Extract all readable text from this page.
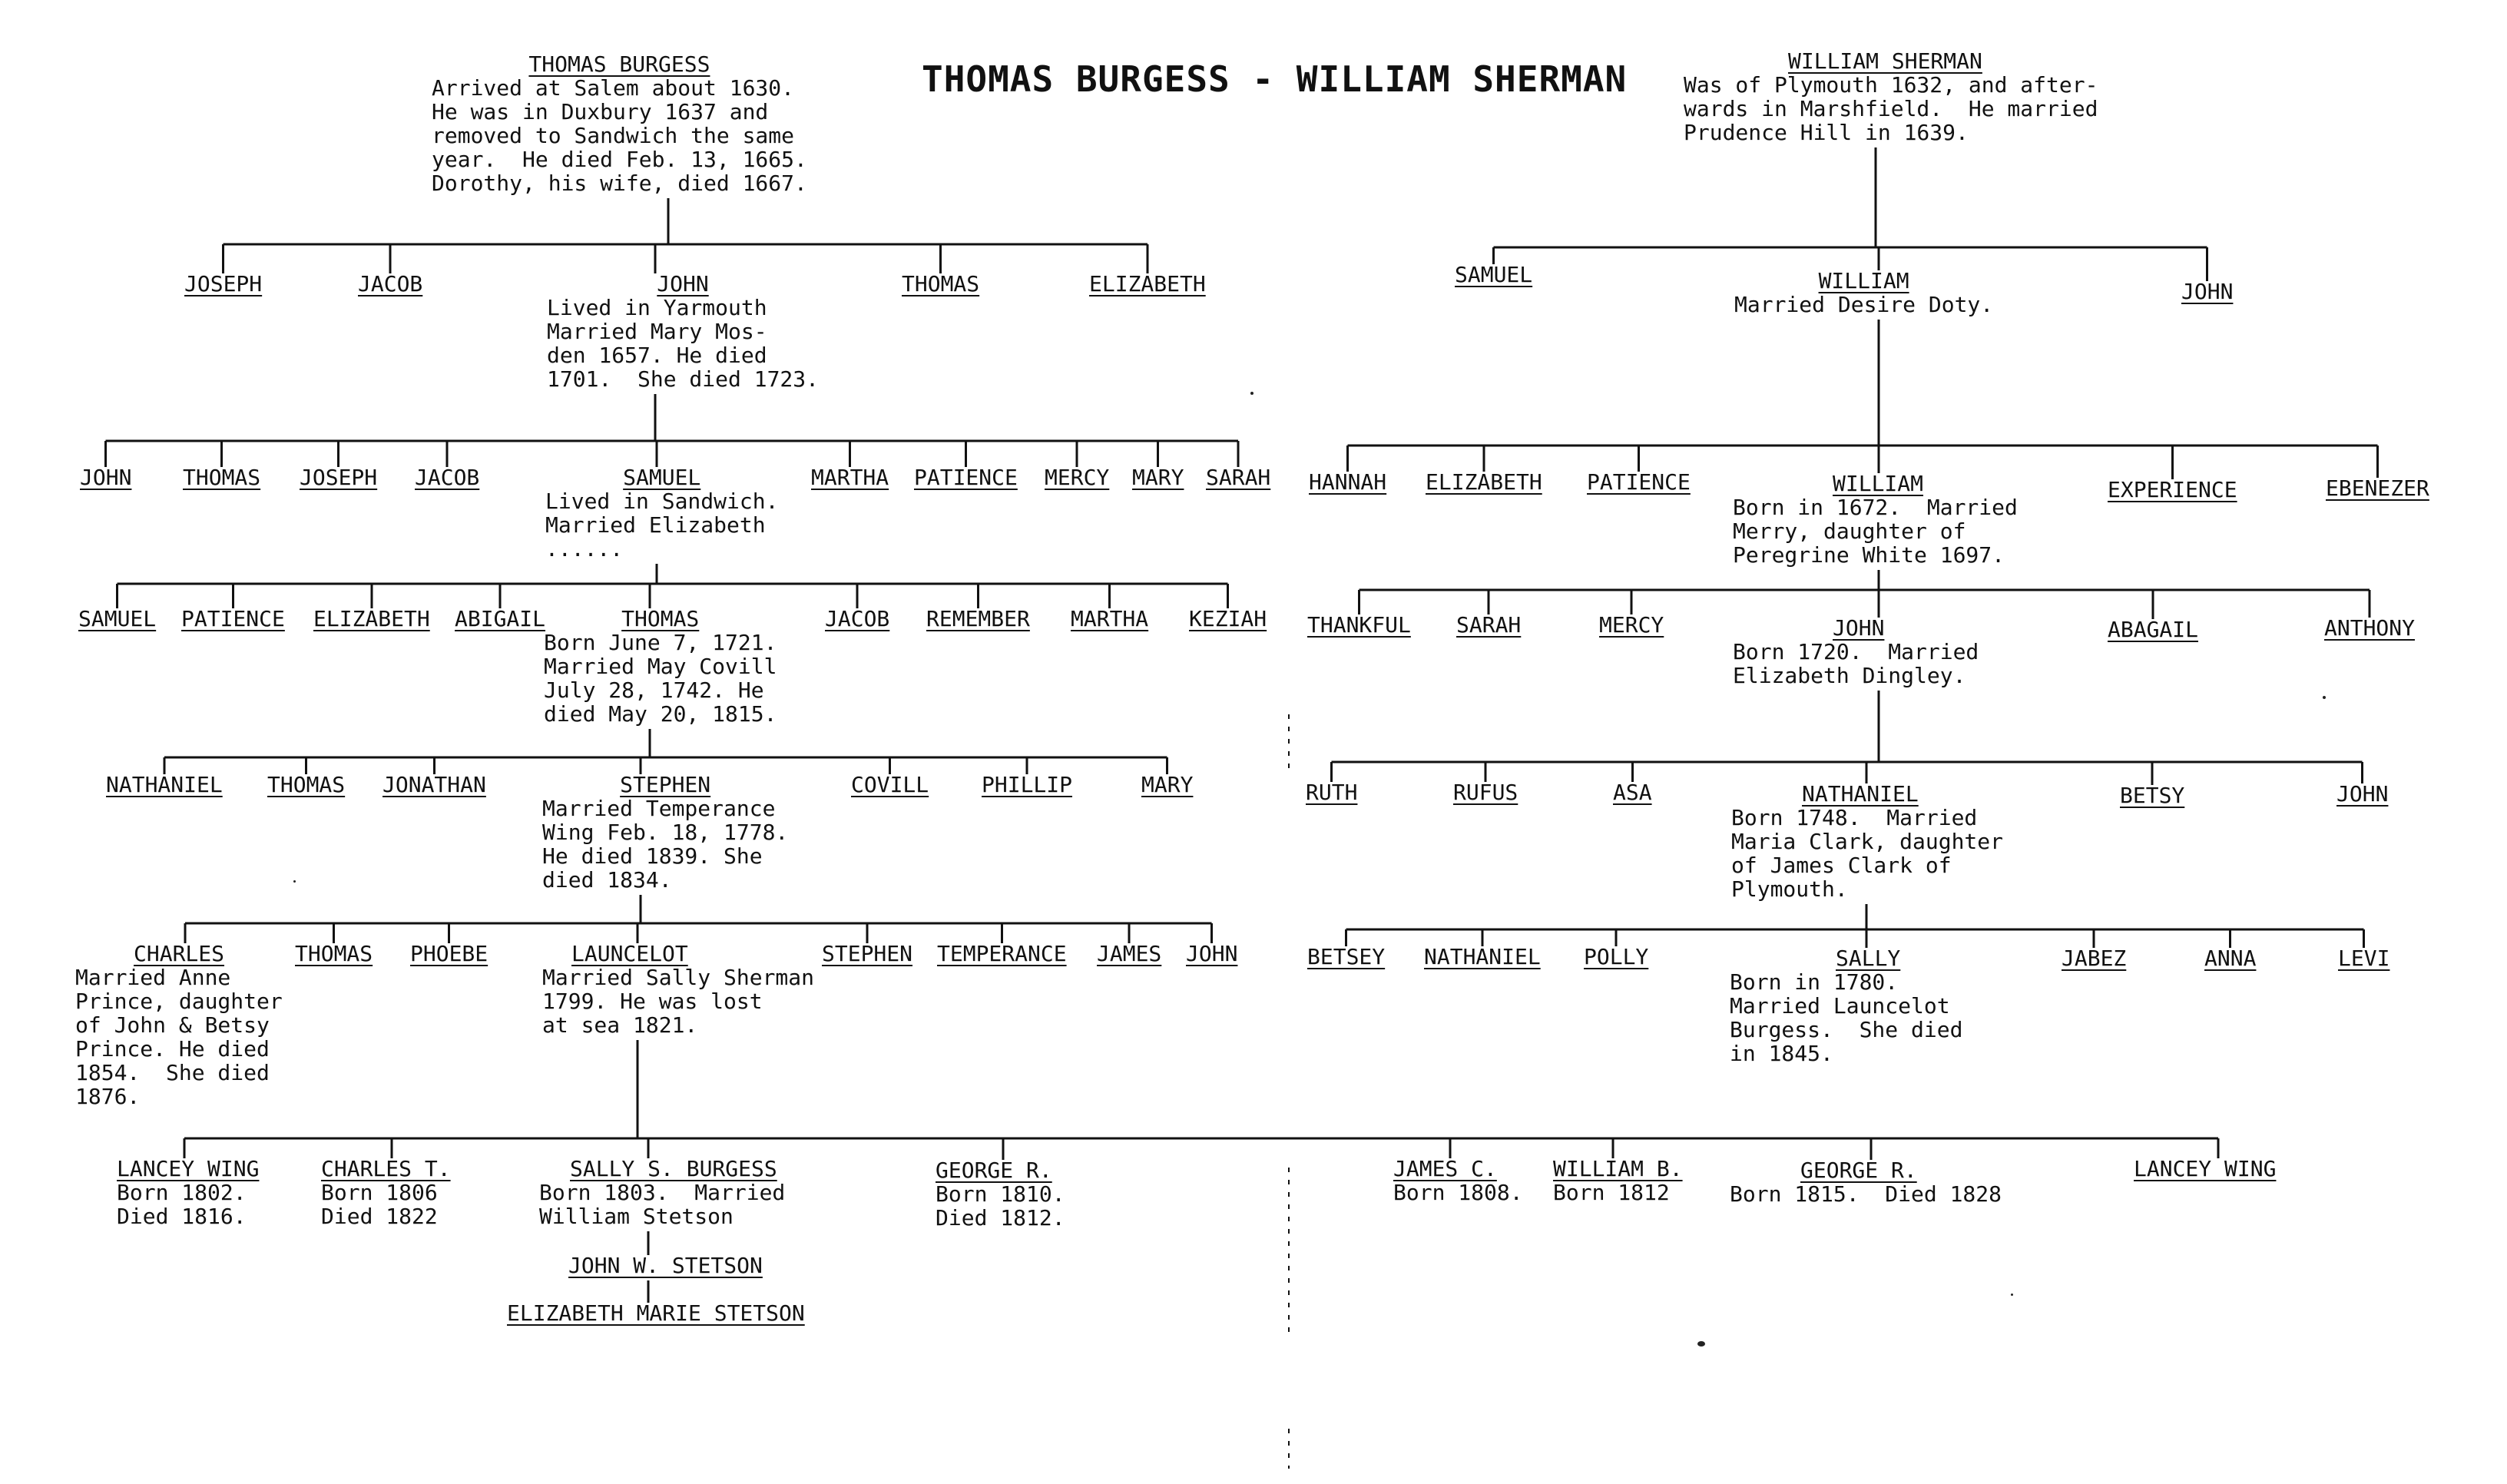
THOMAS BURGESS - WILLIAM SHERMAN
THOMAS BURGESS
Arrived at Salem about 1630.
He was in Duxbury 1637 and
removed to Sandwich the same
year.  He died Feb. 13, 1665.
Dorothy, his wife, died 1667.
JOSEPH	JACOB	JOHN
Lived in Yarmouth
Married Mary Mos-
den 1657. He died
1701.  She died 1723.
THOMAS	ELIZABETH
JOHN THOMAS JOSEPH JACOB	SAMUEL
Lived in Sandwich.
Married Elizabeth
......
MARTHA PATIENCE MERCY MARY SARAH
SAMUEL PATIENCE ELIZABETH ABIGAIL	THOMAS
Born June 7, 1721.
Married May Covill
July 28, 1742. He
died May 20, 1815.
JACOB REMEMBER MARTHA KEZIAH
NATHANIEL THOMAS JONATHAN	STEPHEN
Married Temperance
Wing Feb. 18, 1778.
He died 1839. She
died 1834.
COVILL PHILLIP	MARY
CHARLES
Married Anne
Prince, daughter
of John & Betsy
Prince. He died
1854.  She died
1876.
THOMAS PHOEBE	LAUNCELOT
Married Sally Sherman
1799. He was lost
at sea 1821.
STEPHEN TEMPERANCE JAMES JOHN
WILLIAM SHERMAN
Was of Plymouth 1632, and after-
wards in Marshfield.  He married
Prudence Hill in 1639.
SAMUEL	WILLIAM
Married Desire Doty.
JOHN
HANNAH ELIZABETH PATIENCE	WILLIAM
Born in 1672.  Married
Merry, daughter of
Peregrine White 1697.
EXPERIENCE	EBENEZER
THANKFUL SARAH	MERCY	JOHN
Born 1720.  Married
Elizabeth Dingley.
ABAGAIL	ANTHONY
RUTH	RUFUS	ASA	NATHANIEL
Born 1748.  Married
Maria Clark, daughter
of James Clark of
Plymouth.
BETSY	JOHN
BETSEY NATHANIEL POLLY	SALLY
Born in 1780.
Married Launcelot
Burgess.  She died
in 1845.
JABEZ	ANNA	LEVI
LANCEY WING
Born 1802.
Died 1816.
CHARLES T.
Born 1806
Died 1822
SALLY S. BURGESS
Born 1803.  Married
William Stetson
GEORGE R.
Born 1810.
Died 1812.
JAMES C.
Born 1808.
WILLIAM B.
Born 1812
GEORGE R.
Born 1815.  Died 1828
LANCEY WING
JOHN W. STETSON
ELIZABETH MARIE STETSON
